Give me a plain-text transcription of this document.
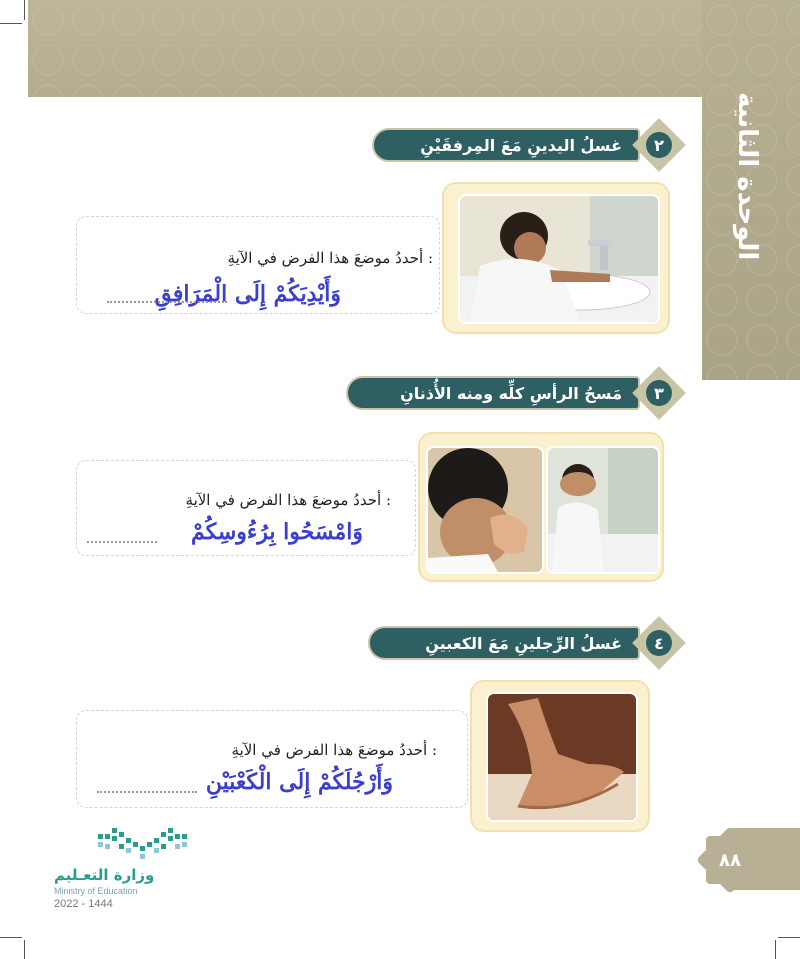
الوحدة الثانية
غسلُ اليدينِ مَعَ المِرفقَيْنِ	٢
أحددُ موضعَ هذا الفرض في الآيةِ :
وَأَيْدِيَكُمْ إِلَى الْمَرَافِقِ
مَسحُ الرأسِ كلِّه ومنه الأُذنانِ	٣
أحددُ موضعَ هذا الفرض في الآيةِ :
وَامْسَحُوا بِرُءُوسِكُمْ
غسلُ الرِّجلينِ مَعَ الكعبينِ	٤
أحددُ موضعَ هذا الفرض في الآيةِ :
وَأَرْجُلَكُمْ إِلَى الْكَعْبَيْنِ
٨٨
وزارة التعـليم
Ministry of Education
2022 - 1444
